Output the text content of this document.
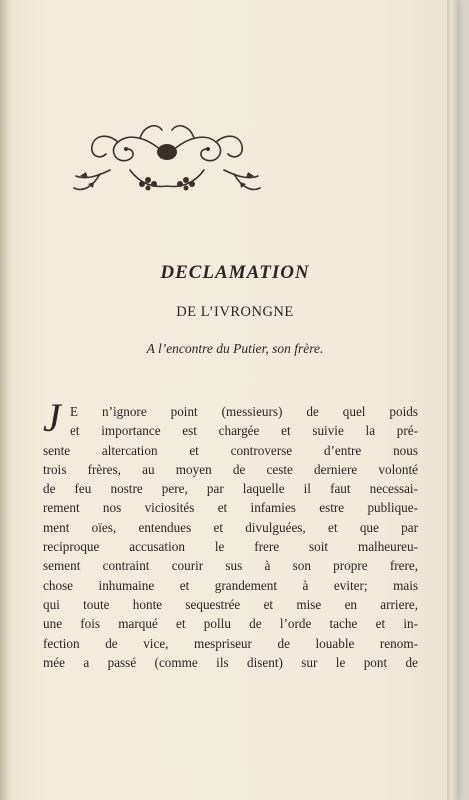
DECLAMATION
DE L’IVRONGNE
A l’encontre du Putier, son frère.
J E n’ignore point (messieurs) de quel poids
et importance est chargée et suivie la pré-
sente altercation et controverse d’entre nous
trois frères, au moyen de ceste derniere volonté
de feu nostre pere, par laquelle il faut necessai-
rement nos viciosités et infamies estre publique-
ment oïes, entendues et divulguées, et que par
reciproque accusation le frere soit malheureu-
sement contraint courir sus à son propre frere,
chose inhumaine et grandement à eviter; mais
qui toute honte sequestrée et mise en arriere,
une fois marqué et pollu de l’orde tache et in-
fection de vice, mespriseur de louable renom-
mée a passé (comme ils disent) sur le pont de
